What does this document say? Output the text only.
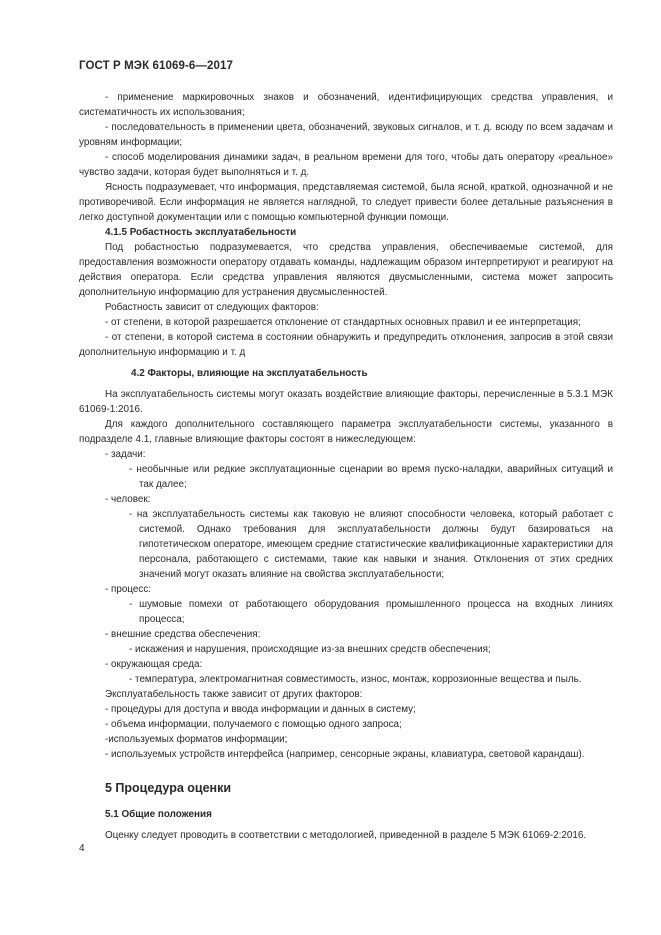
ГОСТ Р МЭК 61069-6—2017

- применение маркировочных знаков и обозначений, идентифицирующих средства управления, и систематичность их использования;

- последовательность в применении цвета, обозначений, звуковых сигналов, и т. д. всюду по всем задачам и уровням информации;

- способ моделирования динамики задач, в реальном времени для того, чтобы дать оператору «реальное» чувство задачи, которая будет выполняться и т. д.

Ясность подразумевает, что информация, представляемая системой, была ясной, краткой, однозначной и не противоречивой. Если информация не является наглядной, то следует привести более детальные разъяснения в легко доступной документации или с помощью компьютерной функции помощи.

4.1.5 Робастность эксплуатабельности

Под робастностью подразумевается, что средства управления, обеспечиваемые системой, для предоставления возможности оператору отдавать команды, надлежащим образом интерпретируют и реагируют на действия оператора. Если средства управления являются двусмысленными, система может запросить дополнительную информацию для устранения двусмысленностей.

Робастность зависит от следующих факторов:

- от степени, в которой разрешается отклонение от стандартных основных правил и ее интерпретация;

- от степени, в которой система в состоянии обнаружить и предупредить отклонения, запросив в этой связи дополнительную информацию и т. д

4.2 Факторы, влияющие на эксплуатабельность

На эксплуатабельность системы могут оказать воздействие влияющие факторы, перечисленные в 5.3.1 МЭК 61069-1:2016.

Для каждого дополнительного составляющего параметра эксплуатабельности системы, указанного в подразделе 4.1, главные влияющие факторы состоят в нижеследующем:

- задачи:

- необычные или редкие эксплуатационные сценарии во время пуско-наладки, аварийных ситуаций и так далее;

- человек:

- на эксплуатабельность системы как таковую не влияют способности человека, который работает с системой. Однако требования для эксплуатабельности должны будут базироваться на гипотетическом операторе, имеющем средние статистические квалификационные характеристики для персонала, работающего с системами, такие как навыки и знания. Отклонения от этих средних значений могут оказать влияние на свойства эксплуатабельности;

- процесс:

- шумовые помехи от работающего оборудования промышленного процесса на входных линиях процесса;

- внешние средства обеспечения:

- искажения и нарушения, происходящие из-за внешних средств обеспечения;

- окружающая среда:

- температура, электромагнитная совместимость, износ, монтаж, коррозионные вещества и пыль.

Эксплуатабельность также зависит от других факторов:

- процедуры для доступа и ввода информации и данных в систему;

- объема информации, получаемого с помощью одного запроса;

-используемых форматов информации;

- используемых устройств интерфейса (например, сенсорные экраны, клавиатура, световой карандаш).

5 Процедура оценки

5.1 Общие положения

Оценку следует проводить в соответствии с методологией, приведенной в разделе 5 МЭК 61069-2:2016.

4
